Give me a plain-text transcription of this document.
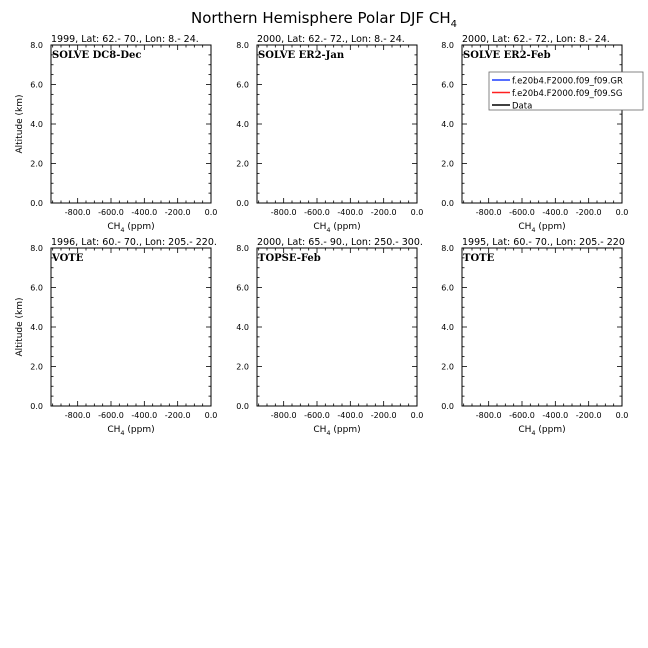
Northern Hemisphere Polar DJF $CH_4$
1999, Lat: 62.- 70., Lon: 8.- 24.
0.0
2.0
4.0
6.0
8.0
-800.0 -600.0 -400.0 -200.0 0.0
$CH_4$ (ppm)
Altitude (km)
SOLVE DC8-Dec
2000, Lat: 62.- 72., Lon: 8.- 24.
0.0
2.0
4.0
6.0
8.0
-800.0 -600.0 -400.0 -200.0 0.0
$CH_4$ (ppm)
SOLVE ER2-Jan
2000, Lat: 62.- 72., Lon: 8.- 24.
0.0
2.0
4.0
6.0
8.0
-800.0 -600.0 -400.0 -200.0 0.0
$CH_4$ (ppm)
SOLVE ER2-Feb
1996, Lat: 60.- 70., Lon: 205.- 220.
0.0
2.0
4.0
6.0
8.0
-800.0 -600.0 -400.0 -200.0 0.0
$CH_4$ (ppm)
Altitude (km)
VOTE
2000, Lat: 65.- 90., Lon: 250.- 300.
0.0
2.0
4.0
6.0
8.0
-800.0 -600.0 -400.0 -200.0 0.0
$CH_4$ (ppm)
TOPSE-Feb
1995, Lat: 60.- 70., Lon: 205.- 220
0.0
2.0
4.0
6.0
8.0
-800.0 -600.0 -400.0 -200.0 0.0
$CH_4$ (ppm)
TOTE
f.e20b4.F2000.f09_f09.GR
f.e20b4.F2000.f09_f09.SG
Data
